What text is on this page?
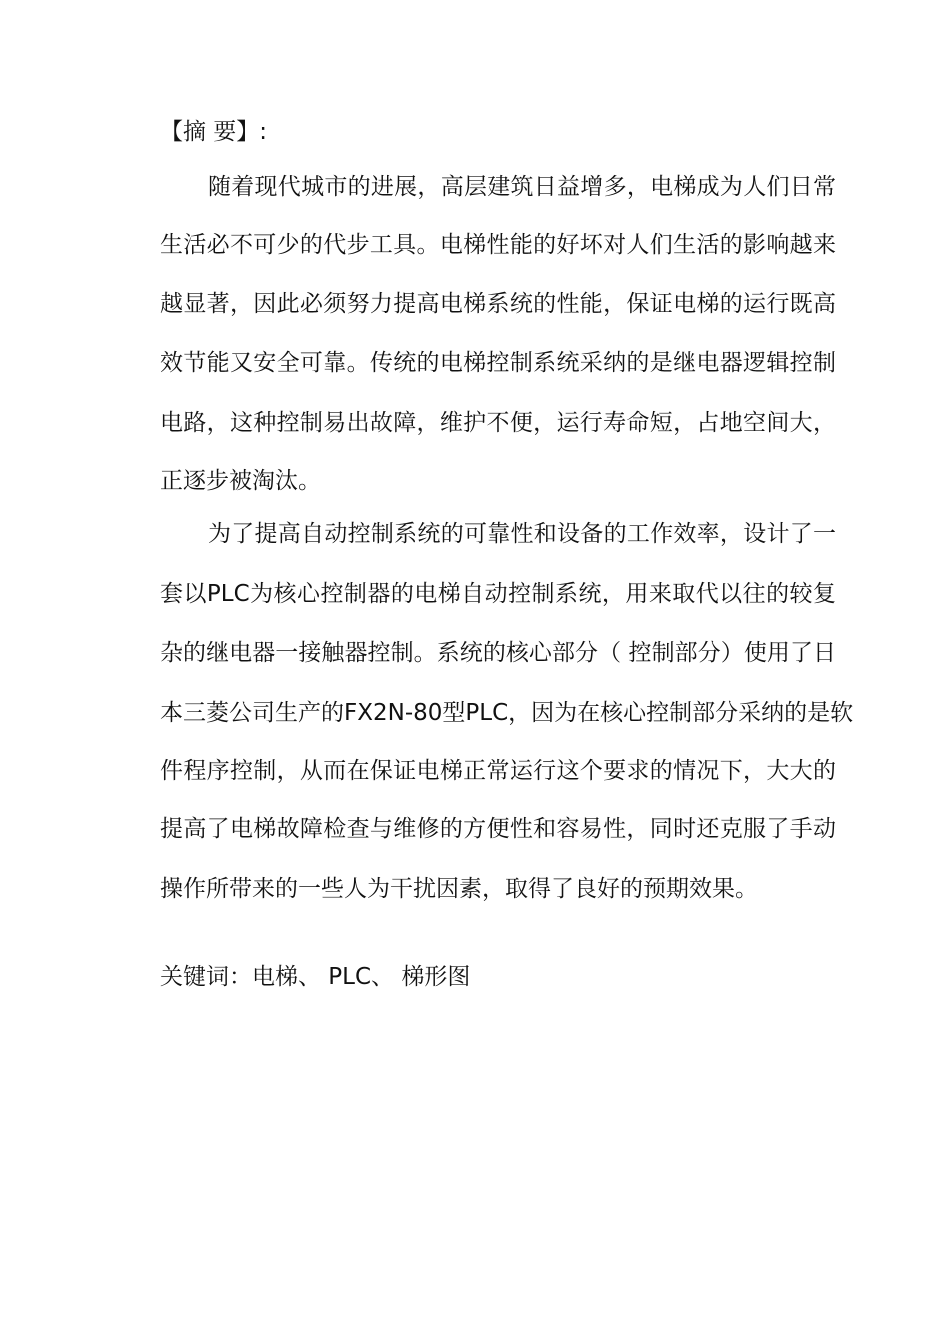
【摘 要】:
随着现代城市的进展，高层建筑日益增多，电梯成为人们日常
生活必不可少的代步工具。电梯性能的好坏对人们生活的影响越来
越显著，因此必须努力提高电梯系统的性能，保证电梯的运行既高
效节能又安全可靠。传统的电梯控制系统采纳的是继电器逻辑控制
电路，这种控制易出故障，维护不便，运行寿命短，占地空间大，
正逐步被淘汰。
为了提高自动控制系统的可靠性和设备的工作效率，设计了一
套以PLC为核心控制器的电梯自动控制系统，用来取代以往的较复
杂的继电器一接触器控制。系统的核心部分（ 控制部分）使用了日
本三菱公司生产的FX2N-80型PLC，因为在核心控制部分采纳的是软
件程序控制，从而在保证电梯正常运行这个要求的情况下，大大的
提高了电梯故障检查与维修的方便性和容易性，同时还克服了手动
操作所带来的一些人为干扰因素，取得了良好的预期效果。
关键词：电梯、 PLC、 梯形图
